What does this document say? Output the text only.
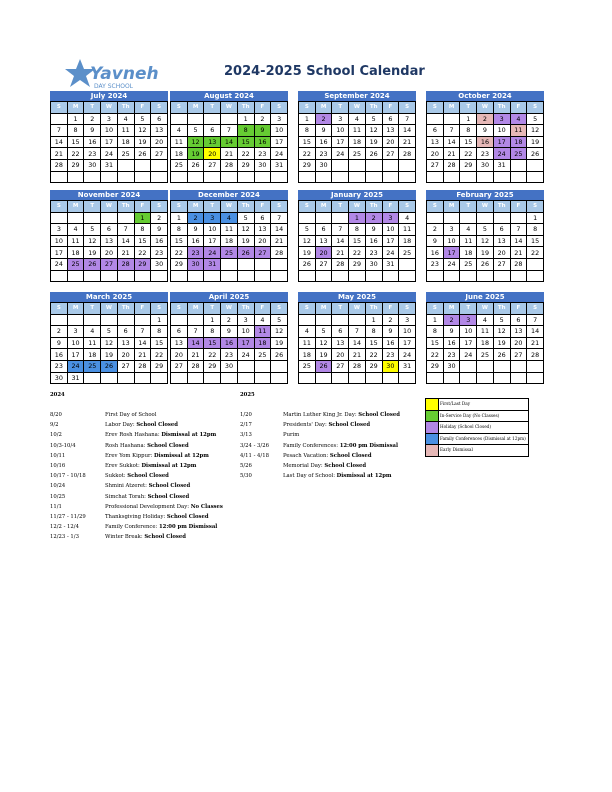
Yavneh
DAY SCHOOL
2024-2025 School Calendar
July 2024
S	M	T	W	Th	F	S
	1	2	3	4	5	6
7	8	9	10	11	12	13
14	15	16	17	18	19	20
21	22	23	24	25	26	27
28	29	30	31			

August 2024
S	M	T	W	Th	F	S
				1	2	3
4	5	6	7	8	9	10
11	12	13	14	15	16	17
18	19	20	21	22	23	24
25	26	27	28	29	30	31

September 2024
S	M	T	W	Th	F	S
1	2	3	4	5	6	7
8	9	10	11	12	13	14
15	16	17	18	19	20	21
22	23	24	25	26	27	28
29	30					

October 2024
S	M	T	W	Th	F	S
		1	2	3	4	5
6	7	8	9	10	11	12
13	14	15	16	17	18	19
20	21	22	23	24	25	26
27	28	29	30	31		

November 2024
S	M	T	W	Th	F	S
					1	2
3	4	5	6	7	8	9
10	11	12	13	14	15	16
17	18	19	20	21	22	23
24	25	26	27	28	29	30

December 2024
S	M	T	W	Th	F	S
1	2	3	4	5	6	7
8	9	10	11	12	13	14
15	16	17	18	19	20	21
22	23	24	25	26	27	28
29	30	31				

January 2025
S	M	T	W	Th	F	S
			1	2	3	4
5	6	7	8	9	10	11
12	13	14	15	16	17	18
19	20	21	22	23	24	25
26	27	28	29	30	31	

February 2025
S	M	T	W	Th	F	S
						1
2	3	4	5	6	7	8
9	10	11	12	13	14	15
16	17	18	19	20	21	22
23	24	25	26	27	28	

March 2025
S	M	T	W	Th	F	S
						1
2	3	4	5	6	7	8
9	10	11	12	13	14	15
16	17	18	19	20	21	22
23	24	25	26	27	28	29
30	31					
April 2025
S	M	T	W	Th	F	S
		1	2	3	4	5
6	7	8	9	10	11	12
13	14	15	16	17	18	19
20	21	22	23	24	25	26
27	28	29	30			

May 2025
S	M	T	W	Th	F	S
				1	2	3
4	5	6	7	8	9	10
11	12	13	14	15	16	17
18	19	20	21	22	23	24
25	26	27	28	29	30	31

June 2025
S	M	T	W	Th	F	S
1	2	3	4	5	6	7
8	9	10	11	12	13	14
15	16	17	18	19	20	21
22	23	24	25	26	27	28
29	30					

2024
8/20	First Day of School
9/2	Labor Day: School Closed
10/2	Erev Rosh Hashana: Dismissal at 12pm
10/3-10/4	Rosh Hashana: School Closed
10/11	Erev Yom Kippur: Dismissal at 12pm
10/16	Erev Sukkot: Dismissal at 12pm
10/17 - 10/18	Sukkot: School Closed
10/24	Shmini Atzeret: School Closed
10/25	Simchat Torah: School Closed
11/1	Professional Development Day: No Classes
11/27 - 11/29	Thanksgiving Holiday: School Closed
12/2 - 12/4	Family Conference: 12:00 pm Dismissal
12/23 - 1/3	Winter Break: School Closed
2025
1/20	Martin Luther King Jr. Day: School Closed
2/17	Presidents' Day: School Closed
3/13	Purim
3/24 - 3/26	Family Conferences: 12:00 pm Dismissal
4/11 - 4/18	Pesach Vacation: School Closed
5/26	Memorial Day: School Closed
5/30	Last Day of School: Dismissal at 12pm
	First/Last Day
	In-Service Day (No Classes)
	Holiday (School Closed)
	Family Conferences (Dismissal at 12pm)
	Early Dismissal
